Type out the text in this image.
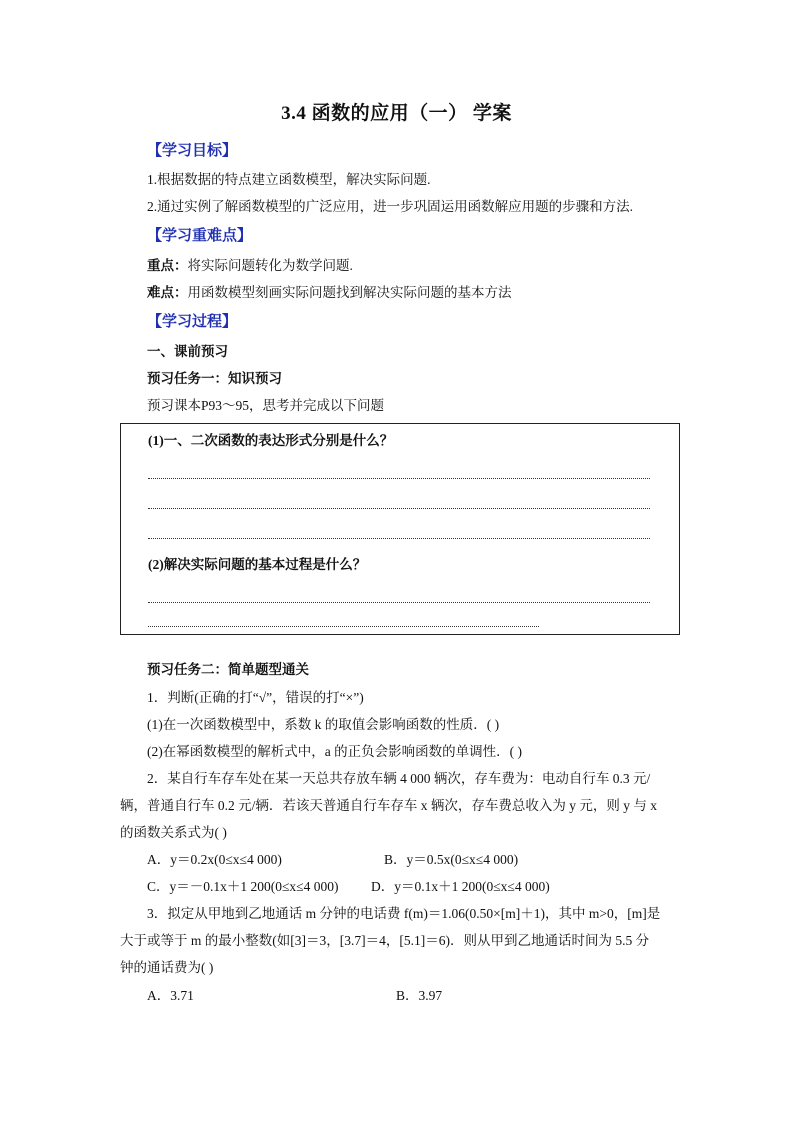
3.4 函数的应用（一） 学案
【学习目标】
1.根据数据的特点建立函数模型，解决实际问题.
2.通过实例了解函数模型的广泛应用，进一步巩固运用函数解应用题的步骤和方法.
【学习重难点】
重点：将实际问题转化为数学问题.
难点：用函数模型刻画实际问题找到解决实际问题的基本方法
【学习过程】
一、课前预习
预习任务一：知识预习
预习课本P93～95，思考并完成以下问题
(1)一、二次函数的表达形式分别是什么？
(2)解决实际问题的基本过程是什么？
预习任务二：简单题型通关
1．判断(正确的打“√”，错误的打“×”)
(1)在一次函数模型中，系数 k 的取值会影响函数的性质．( )
(2)在幂函数模型的解析式中，a 的正负会影响函数的单调性．( )
2．某自行车存车处在某一天总共存放车辆 4 000 辆次，存车费为：电动自行车 0.3 元/
辆，普通自行车 0.2 元/辆．若该天普通自行车存车 x 辆次，存车费总收入为 y 元，则 y 与 x
的函数关系式为( )
A．y＝0.2x(0≤x≤4 000)	B．y＝0.5x(0≤x≤4 000)
C．y＝－0.1x＋1 200(0≤x≤4 000) D．y＝0.1x＋1 200(0≤x≤4 000)
3．拟定从甲地到乙地通话 m 分钟的电话费 f(m)＝1.06(0.50×[m]＋1)，其中 m>0，[m]是
大于或等于 m 的最小整数(如[3]＝3，[3.7]＝4，[5.1]＝6)．则从甲到乙地通话时间为 5.5 分
钟的通话费为( )
A．3.71	B．3.97
